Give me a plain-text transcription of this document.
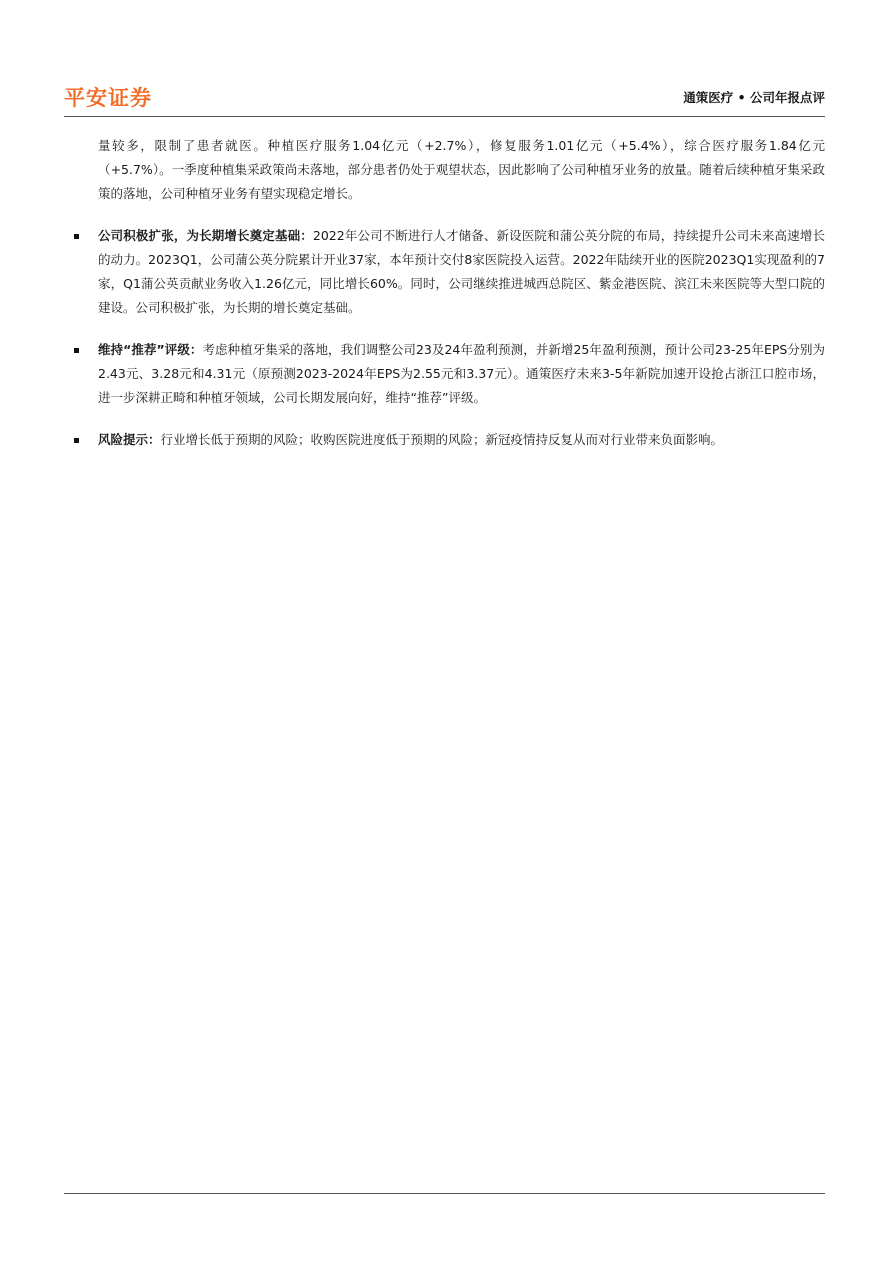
平安证券	通策医疗 • 公司年报点评

量较多，限制了患者就医。种植医疗服务1.04亿元（+2.7%），修复服务1.01亿元（+5.4%），综合医疗服务1.84亿元（+5.7%）。一季度种植集采政策尚未落地，部分患者仍处于观望状态，因此影响了公司种植牙业务的放量。随着后续种植牙集采政策的落地，公司种植牙业务有望实现稳定增长。

公司积极扩张，为长期增长奠定基础：2022年公司不断进行人才储备、新设医院和蒲公英分院的布局，持续提升公司未来高速增长的动力。2023Q1，公司蒲公英分院累计开业37家，本年预计交付8家医院投入运营。2022年陆续开业的医院2023Q1实现盈利的7家，Q1蒲公英贡献业务收入1.26亿元，同比增长60%。同时，公司继续推进城西总院区、紫金港医院、滨江未来医院等大型口院的建设。公司积极扩张，为长期的增长奠定基础。

维持“推荐”评级：考虑种植牙集采的落地，我们调整公司23及24年盈利预测，并新增25年盈利预测，预计公司23-25年EPS分别为2.43元、3.28元和4.31元（原预测2023-2024年EPS为2.55元和3.37元）。通策医疗未来3-5年新院加速开设抢占浙江口腔市场，进一步深耕正畸和种植牙领域，公司长期发展向好，维持“推荐”评级。

风险提示：行业增长低于预期的风险；收购医院进度低于预期的风险；新冠疫情持反复从而对行业带来负面影响。
